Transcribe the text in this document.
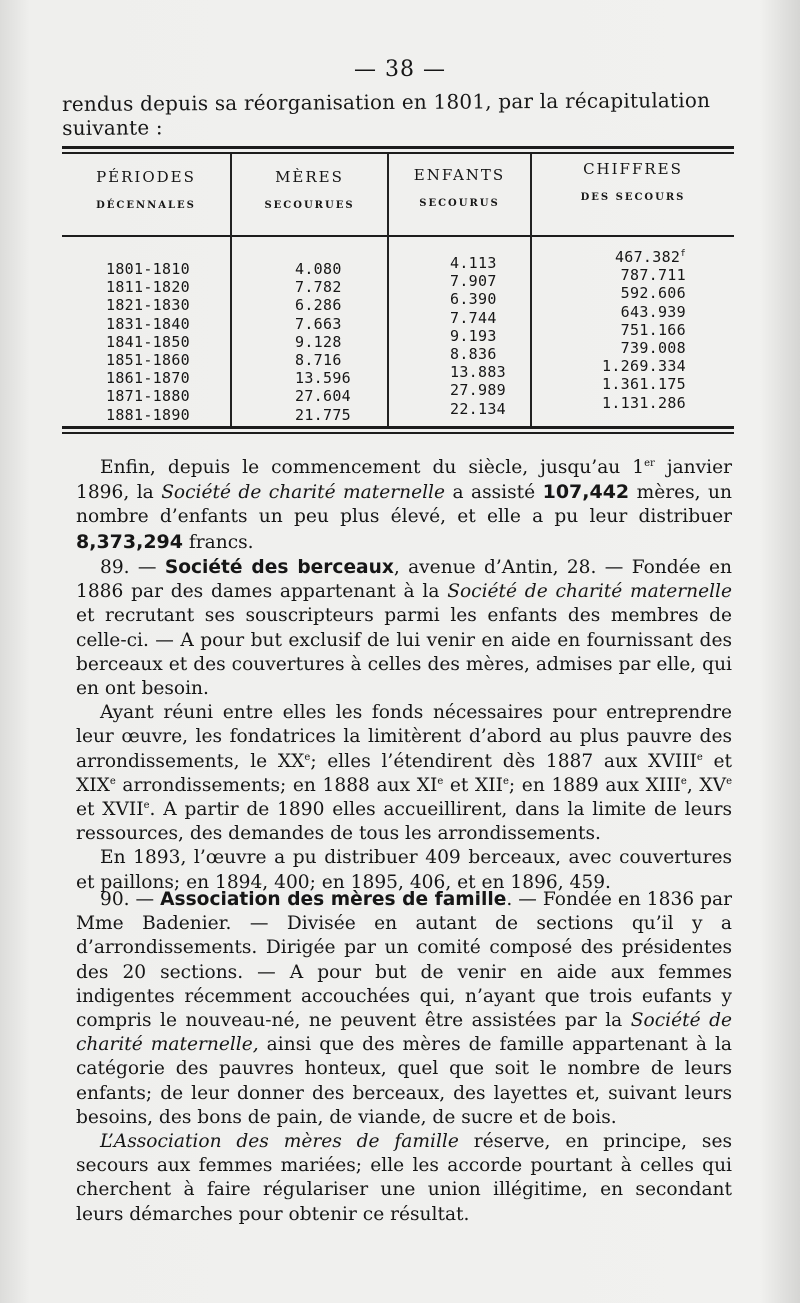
— 38 —
rendus depuis sa réorganisation en 1801, par la récapitulation suivante :
PÉRIODES
DÉCENNALES
MÈRES
SECOURUES
ENFANTS
SECOURUS
CHIFFRES
DES SECOURS
1801-1810
1811-1820
1821-1830
1831-1840
1841-1850
1851-1860
1861-1870
1871-1880
1881-1890
4.080
7.782
6.286
7.663
9.128
8.716
13.596
27.604
21.775
4.113
7.907
6.390
7.744
9.193
8.836
13.883
27.989
22.134
467.382$^f$
787.711
592.606
643.939
751.166
739.008
1.269.334
1.361.175
1.131.286

Enfin, depuis le commencement du siècle, jusqu’au 1er janvier 1896, la Société de charité maternelle a assisté 107,442 mères, un nombre d’enfants un peu plus élevé, et elle a pu leur distribuer 8,373,294 francs.

89. — Société des berceaux, avenue d’Antin, 28. — Fondée en 1886 par des dames appartenant à la Société de charité maternelle et recrutant ses souscripteurs parmi les enfants des membres de celle-ci. — A pour but exclusif de lui venir en aide en fournissant des berceaux et des couvertures à celles des mères, admises par elle, qui en ont besoin.

Ayant réuni entre elles les fonds nécessaires pour entreprendre leur œuvre, les fondatrices la limitèrent d’abord au plus pauvre des arrondissements, le XXe; elles l’étendirent dès 1887 aux XVIIIe et XIXe arrondissements; en 1888 aux XIe et XIIe; en 1889 aux XIIIe, XVe et XVIIe. A partir de 1890 elles accueillirent, dans la limite de leurs ressources, des demandes de tous les arrondissements.

En 1893, l’œuvre a pu distribuer 409 berceaux, avec couvertures et paillons; en 1894, 400; en 1895, 406, et en 1896, 459.

90. — Association des mères de famille. — Fondée en 1836 par Mme Badenier. — Divisée en autant de sections qu’il y a d’arrondissements. Dirigée par un comité composé des présidentes des 20 sections. — A pour but de venir en aide aux femmes indigentes récemment accouchées qui, n’ayant que trois eufants y compris le nouveau-né, ne peuvent être assistées par la Société de charité maternelle, ainsi que des mères de famille appartenant à la catégorie des pauvres honteux, quel que soit le nombre de leurs enfants; de leur donner des berceaux, des layettes et, suivant leurs besoins, des bons de pain, de viande, de sucre et de bois.

L’Association des mères de famille réserve, en principe, ses secours aux femmes mariées; elle les accorde pourtant à celles qui cherchent à faire régulariser une union illégitime, en secondant leurs démarches pour obtenir ce résultat.
